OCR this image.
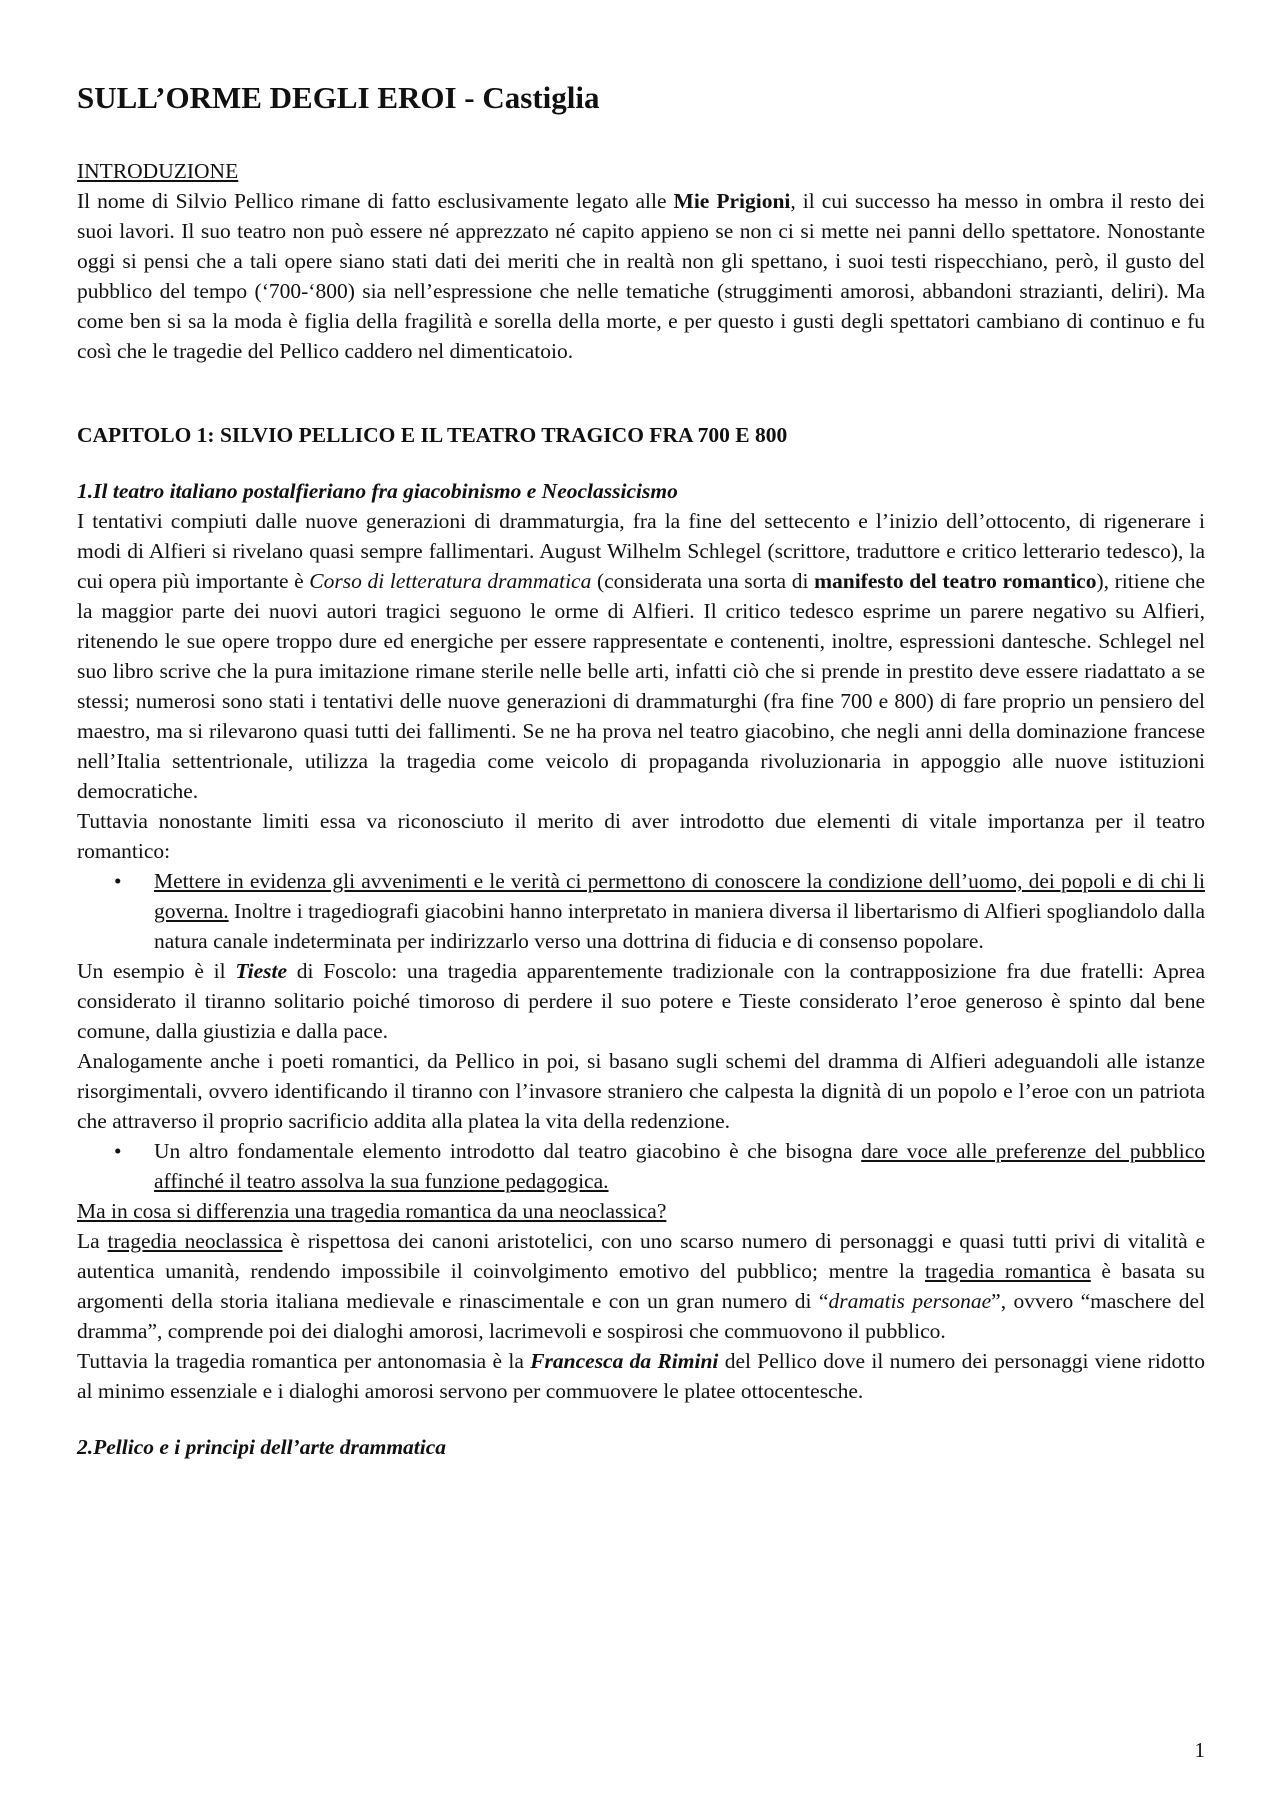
SULL’ORME DEGLI EROI - Castiglia

INTRODUZIONE

Il nome di Silvio Pellico rimane di fatto esclusivamente legato alle Mie Prigioni, il cui successo ha messo in ombra il resto dei suoi lavori. Il suo teatro non può essere né apprezzato né capito appieno se non ci si mette nei panni dello spettatore. Nonostante oggi si pensi che a tali opere siano stati dati dei meriti che in realtà non gli spettano, i suoi testi rispecchiano, però, il gusto del pubblico del tempo (‘700-‘800) sia nell’espressione che nelle tematiche (struggimenti amorosi, abbandoni strazianti, deliri). Ma come ben si sa la moda è figlia della fragilità e sorella della morte, e per questo i gusti degli spettatori cambiano di continuo e fu così che le tragedie del Pellico caddero nel dimenticatoio.

CAPITOLO 1: SILVIO PELLICO E IL TEATRO TRAGICO FRA 700 E 800

1.Il teatro italiano postalfieriano fra giacobinismo e Neoclassicismo

I tentativi compiuti dalle nuove generazioni di drammaturgia, fra la fine del settecento e l’inizio dell’ottocento, di rigenerare i modi di Alfieri si rivelano quasi sempre fallimentari. August Wilhelm Schlegel (scrittore, traduttore e critico letterario tedesco), la cui opera più importante è Corso di letteratura drammatica (considerata una sorta di manifesto del teatro romantico), ritiene che la maggior parte dei nuovi autori tragici seguono le orme di Alfieri. Il critico tedesco esprime un parere negativo su Alfieri, ritenendo le sue opere troppo dure ed energiche per essere rappresentate e contenenti, inoltre, espressioni dantesche. Schlegel nel suo libro scrive che la pura imitazione rimane sterile nelle belle arti, infatti ciò che si prende in prestito deve essere riadattato a se stessi; numerosi sono stati i tentativi delle nuove generazioni di drammaturghi (fra fine 700 e 800) di fare proprio un pensiero del maestro, ma si rilevarono quasi tutti dei fallimenti. Se ne ha prova nel teatro giacobino, che negli anni della dominazione francese nell’Italia settentrionale, utilizza la tragedia come veicolo di propaganda rivoluzionaria in appoggio alle nuove istituzioni democratiche.

Tuttavia nonostante limiti essa va riconosciuto il merito di aver introdotto due elementi di vitale importanza per il teatro romantico:

• Mettere in evidenza gli avvenimenti e le verità ci permettono di conoscere la condizione dell’uomo, dei popoli e di chi li governa. Inoltre i tragediografi giacobini hanno interpretato in maniera diversa il libertarismo di Alfieri spogliandolo dalla natura canale indeterminata per indirizzarlo verso una dottrina di fiducia e di consenso popolare.

Un esempio è il Tieste di Foscolo: una tragedia apparentemente tradizionale con la contrapposizione fra due fratelli: Aprea considerato il tiranno solitario poiché timoroso di perdere il suo potere e Tieste considerato l’eroe generoso è spinto dal bene comune, dalla giustizia e dalla pace.

Analogamente anche i poeti romantici, da Pellico in poi, si basano sugli schemi del dramma di Alfieri adeguandoli alle istanze risorgimentali, ovvero identificando il tiranno con l’invasore straniero che calpesta la dignità di un popolo e l’eroe con un patriota che attraverso il proprio sacrificio addita alla platea la vita della redenzione.

• Un altro fondamentale elemento introdotto dal teatro giacobino è che bisogna dare voce alle preferenze del pubblico affinché il teatro assolva la sua funzione pedagogica.

Ma in cosa si differenzia una tragedia romantica da una neoclassica?

La tragedia neoclassica è rispettosa dei canoni aristotelici, con uno scarso numero di personaggi e quasi tutti privi di vitalità e autentica umanità, rendendo impossibile il coinvolgimento emotivo del pubblico; mentre la tragedia romantica è basata su argomenti della storia italiana medievale e rinascimentale e con un gran numero di “dramatis personae”, ovvero “maschere del dramma”, comprende poi dei dialoghi amorosi, lacrimevoli e sospirosi che commuovono il pubblico.

Tuttavia la tragedia romantica per antonomasia è la Francesca da Rimini del Pellico dove il numero dei personaggi viene ridotto al minimo essenziale e i dialoghi amorosi servono per commuovere le platee ottocentesche.

2.Pellico e i principi dell’arte drammatica

1
